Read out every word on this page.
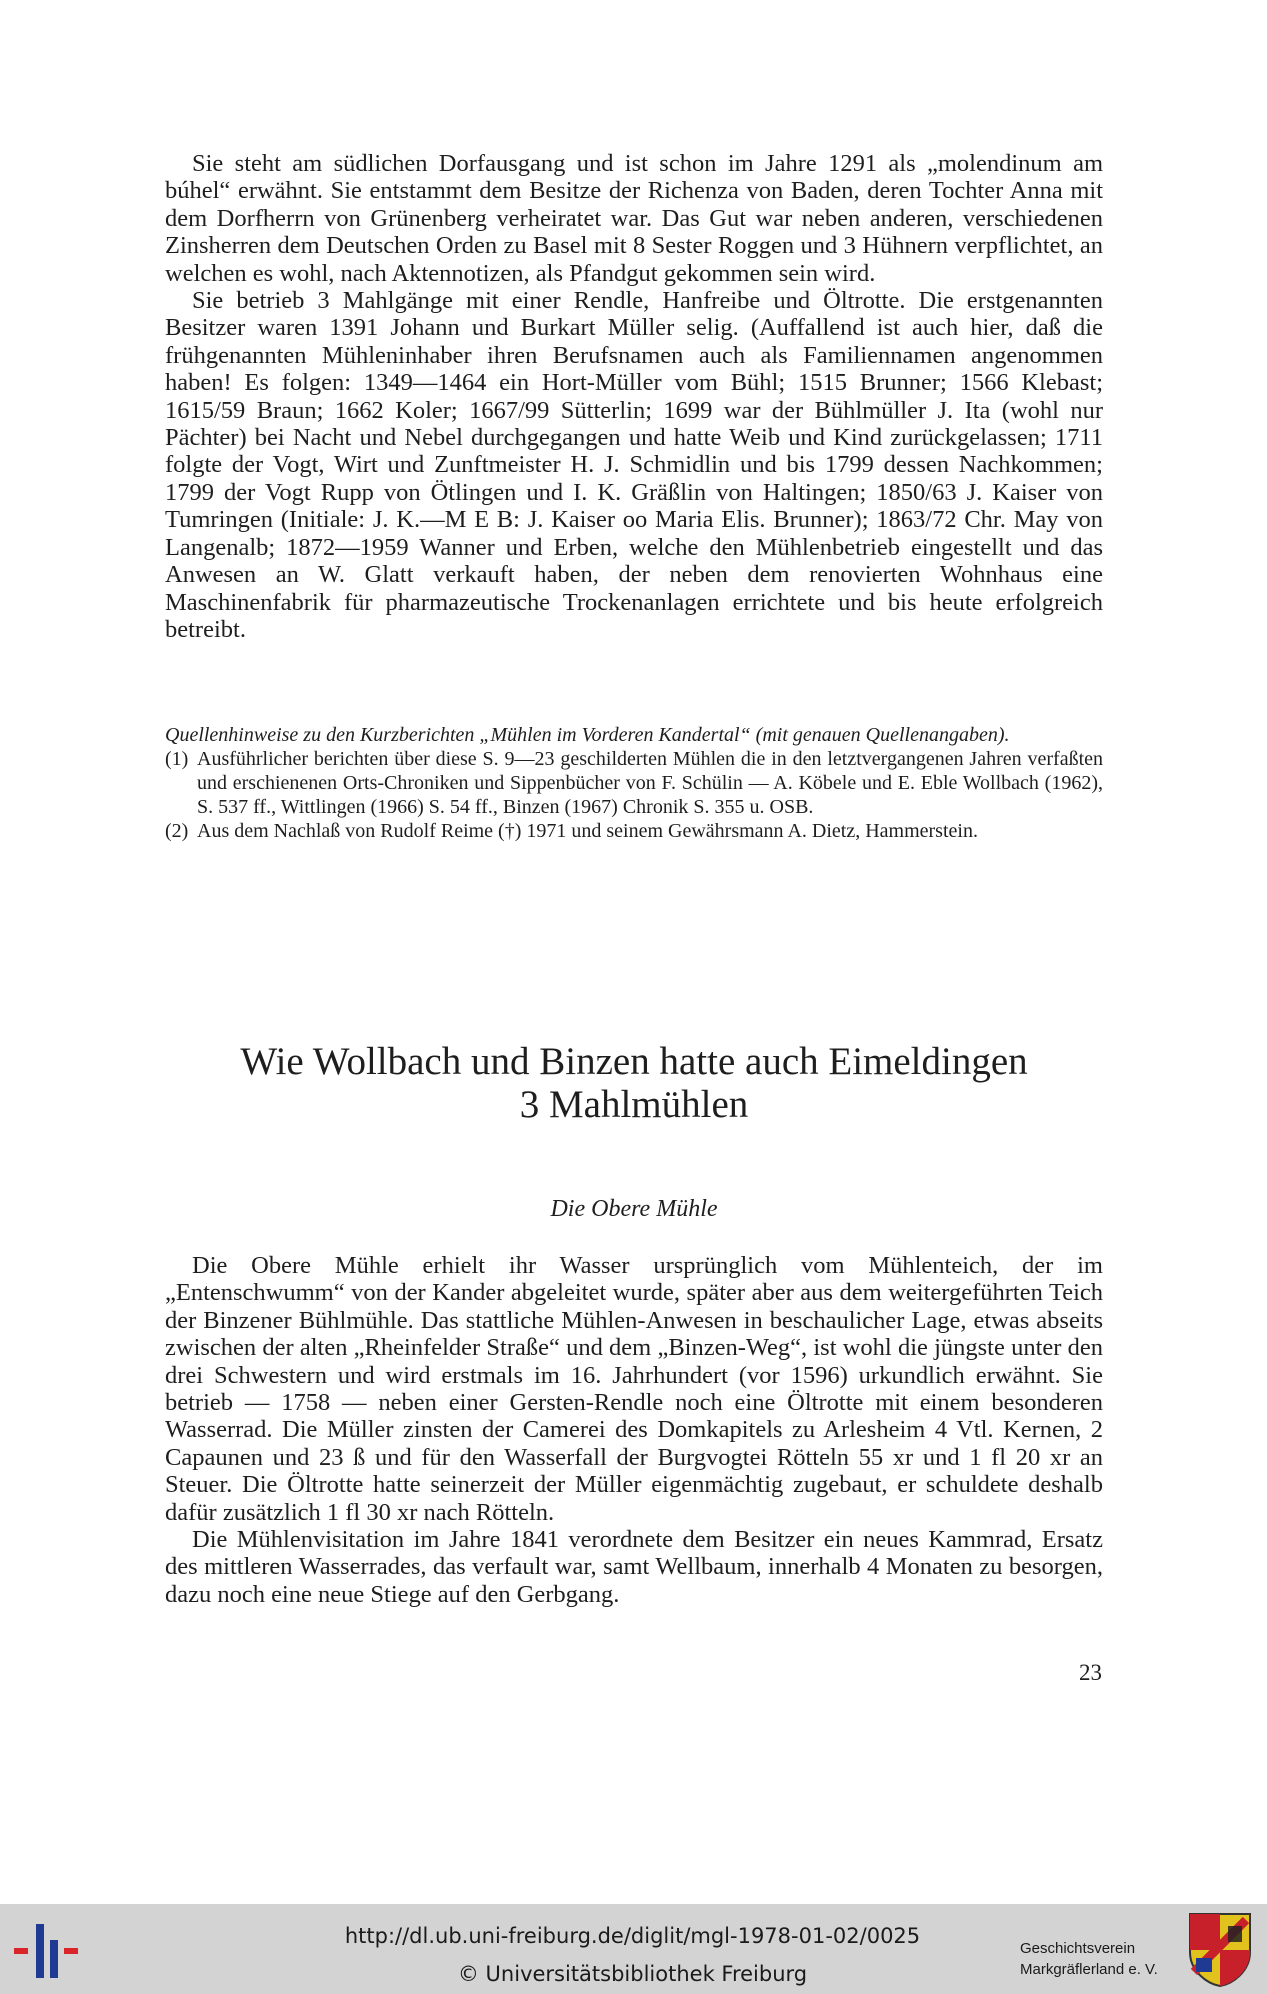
Sie steht am südlichen Dorfausgang und ist schon im Jahre 1291 als „molendinum am búhel“ erwähnt. Sie entstammt dem Besitze der Richenza von Baden, deren Tochter Anna mit dem Dorfherrn von Grünenberg verheiratet war. Das Gut war neben anderen, verschiedenen Zinsherren dem Deutschen Orden zu Basel mit 8 Sester Roggen und 3 Hühnern verpflichtet, an welchen es wohl, nach Aktennotizen, als Pfandgut gekommen sein wird.

Sie betrieb 3 Mahlgänge mit einer Rendle, Hanfreibe und Öltrotte. Die erstgenannten Besitzer waren 1391 Johann und Burkart Müller selig. (Auffallend ist auch hier, daß die frühgenannten Mühleninhaber ihren Berufsnamen auch als Familiennamen angenommen haben! Es folgen: 1349—1464 ein Hort-Müller vom Bühl; 1515 Brunner; 1566 Klebast; 1615/59 Braun; 1662 Koler; 1667/99 Sütterlin; 1699 war der Bühlmüller J. Ita (wohl nur Pächter) bei Nacht und Nebel durchgegangen und hatte Weib und Kind zurückgelassen; 1711 folgte der Vogt, Wirt und Zunftmeister H. J. Schmidlin und bis 1799 dessen Nachkommen; 1799 der Vogt Rupp von Ötlingen und I. K. Gräßlin von Haltingen; 1850/63 J. Kaiser von Tumringen (Initiale: J. K.—M E B: J. Kaiser oo Maria Elis. Brunner); 1863/72 Chr. May von Langenalb; 1872—1959 Wanner und Erben, welche den Mühlenbetrieb eingestellt und das Anwesen an W. Glatt verkauft haben, der neben dem renovierten Wohnhaus eine Maschinenfabrik für pharmazeutische Trockenanlagen errichtete und bis heute erfolgreich betreibt.

Quellenhinweise zu den Kurzberichten „Mühlen im Vorderen Kandertal“ (mit genauen Quellenangaben).

(1) Ausführlicher berichten über diese S. 9—23 geschilderten Mühlen die in den letztvergangenen Jahren verfaßten und erschienenen Orts-Chroniken und Sippenbücher von F. Schülin — A. Köbele und E. Eble Wollbach (1962), S. 537 ff., Wittlingen (1966) S. 54 ff., Binzen (1967) Chronik S. 355 u. OSB.
(2) Aus dem Nachlaß von Rudolf Reime (†) 1971 und seinem Gewährsmann A. Dietz, Hammerstein.
Wie Wollbach und Binzen hatte auch Eimeldingen
3 Mahlmühlen
Die Obere Mühle

Die Obere Mühle erhielt ihr Wasser ursprünglich vom Mühlenteich, der im „Entenschwumm“ von der Kander abgeleitet wurde, später aber aus dem weitergeführten Teich der Binzener Bühlmühle. Das stattliche Mühlen-Anwesen in beschaulicher Lage, etwas abseits zwischen der alten „Rheinfelder Straße“ und dem „Binzen-Weg“, ist wohl die jüngste unter den drei Schwestern und wird erstmals im 16. Jahrhundert (vor 1596) urkundlich erwähnt. Sie betrieb — 1758 — neben einer Gersten-Rendle noch eine Öltrotte mit einem besonderen Wasserrad. Die Müller zinsten der Camerei des Domkapitels zu Arlesheim 4 Vtl. Kernen, 2 Capaunen und 23 ß und für den Wasserfall der Burgvogtei Rötteln 55 xr und 1 fl 20 xr an Steuer. Die Öltrotte hatte seinerzeit der Müller eigenmächtig zugebaut, er schuldete deshalb dafür zusätzlich 1 fl 30 xr nach Rötteln.

Die Mühlenvisitation im Jahre 1841 verordnete dem Besitzer ein neues Kammrad, Ersatz des mittleren Wasserrades, das verfault war, samt Wellbaum, innerhalb 4 Monaten zu besorgen, dazu noch eine neue Stiege auf den Gerbgang.

23
http://dl.ub.uni-freiburg.de/diglit/mgl-1978-01-02/0025
© Universitätsbibliothek Freiburg
Geschichtsverein
Markgräflerland e. V.
